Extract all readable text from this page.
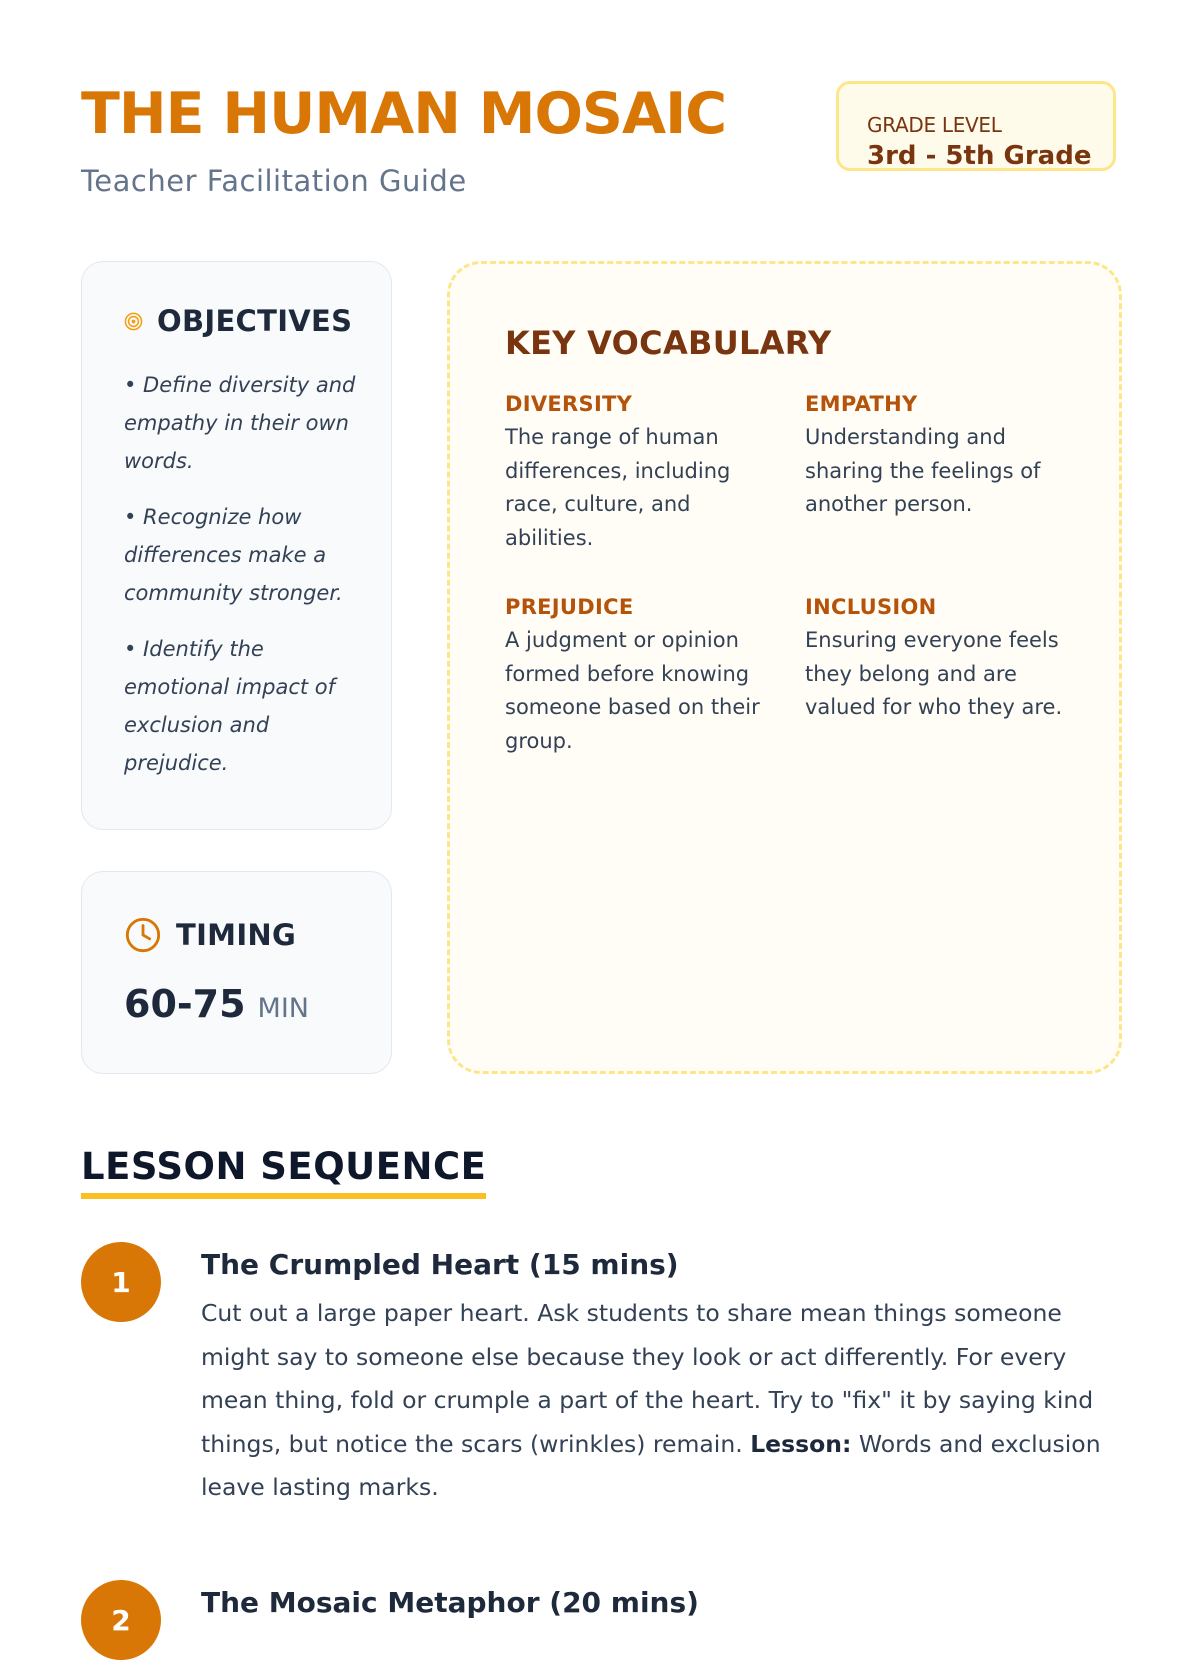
THE HUMAN MOSAIC
Teacher Facilitation Guide
GRADE LEVEL
3rd - 5th Grade
OBJECTIVES
• Define diversity and empathy in their own words.
• Recognize how differences make a community stronger.
• Identify the emotional impact of exclusion and prejudice.
TIMING
60-75 MIN
KEY VOCABULARY
DIVERSITY
The range of human differences, including race, culture, and abilities.
EMPATHY
Understanding and sharing the feelings of another person.
PREJUDICE
A judgment or opinion formed before knowing someone based on their group.
INCLUSION
Ensuring everyone feels they belong and are valued for who they are.
LESSON SEQUENCE
1
The Crumpled Heart (15 mins)

Cut out a large paper heart. Ask students to share mean things someone might say to someone else because they look or act differently. For every mean thing, fold or crumple a part of the heart. Try to "fix" it by saying kind things, but notice the scars (wrinkles) remain. Lesson: Words and exclusion leave lasting marks.

2
The Mosaic Metaphor (20 mins)
